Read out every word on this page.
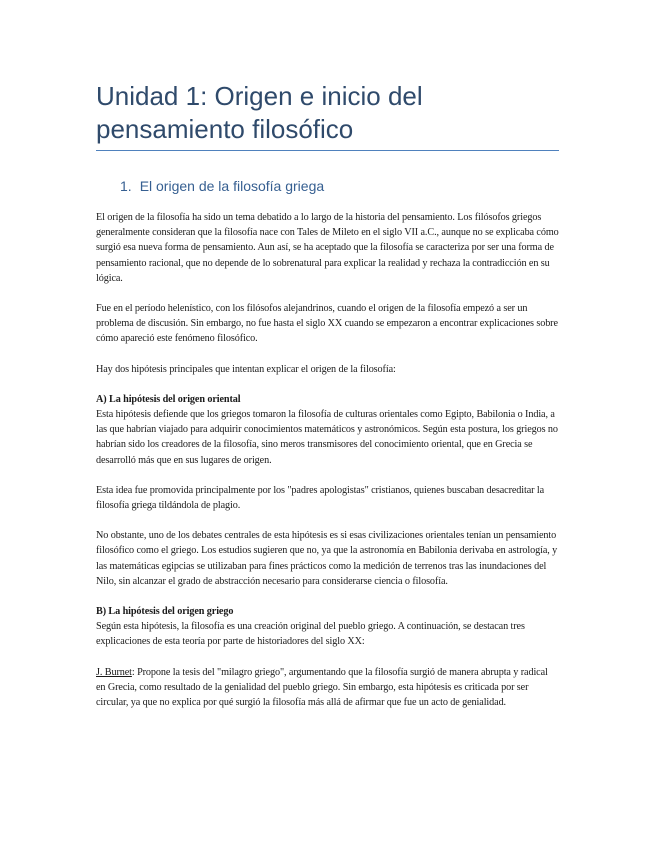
Unidad 1: Origen e inicio del pensamiento filosófico
1. El origen de la filosofía griega

El origen de la filosofía ha sido un tema debatido a lo largo de la historia del pensamiento. Los filósofos griegos generalmente consideran que la filosofía nace con Tales de Mileto en el siglo VII a.C., aunque no se explicaba cómo surgió esa nueva forma de pensamiento. Aun así, se ha aceptado que la filosofía se caracteriza por ser una forma de pensamiento racional, que no depende de lo sobrenatural para explicar la realidad y rechaza la contradicción en su lógica.

Fue en el período helenístico, con los filósofos alejandrinos, cuando el origen de la filosofía empezó a ser un problema de discusión. Sin embargo, no fue hasta el siglo XX cuando se empezaron a encontrar explicaciones sobre cómo apareció este fenómeno filosófico.

Hay dos hipótesis principales que intentan explicar el origen de la filosofía:

A) La hipótesis del origen oriental
Esta hipótesis defiende que los griegos tomaron la filosofía de culturas orientales como Egipto, Babilonia o India, a las que habrían viajado para adquirir conocimientos matemáticos y astronómicos. Según esta postura, los griegos no habrían sido los creadores de la filosofía, sino meros transmisores del conocimiento oriental, que en Grecia se desarrolló más que en sus lugares de origen.

Esta idea fue promovida principalmente por los "padres apologistas" cristianos, quienes buscaban desacreditar la filosofía griega tildándola de plagio.

No obstante, uno de los debates centrales de esta hipótesis es si esas civilizaciones orientales tenían un pensamiento filosófico como el griego. Los estudios sugieren que no, ya que la astronomía en Babilonia derivaba en astrología, y las matemáticas egipcias se utilizaban para fines prácticos como la medición de terrenos tras las inundaciones del Nilo, sin alcanzar el grado de abstracción necesario para considerarse ciencia o filosofía.

B) La hipótesis del origen griego
Según esta hipótesis, la filosofía es una creación original del pueblo griego. A continuación, se destacan tres explicaciones de esta teoría por parte de historiadores del siglo XX:

J. Burnet: Propone la tesis del "milagro griego", argumentando que la filosofía surgió de manera abrupta y radical en Grecia, como resultado de la genialidad del pueblo griego. Sin embargo, esta hipótesis es criticada por ser circular, ya que no explica por qué surgió la filosofía más allá de afirmar que fue un acto de genialidad.
